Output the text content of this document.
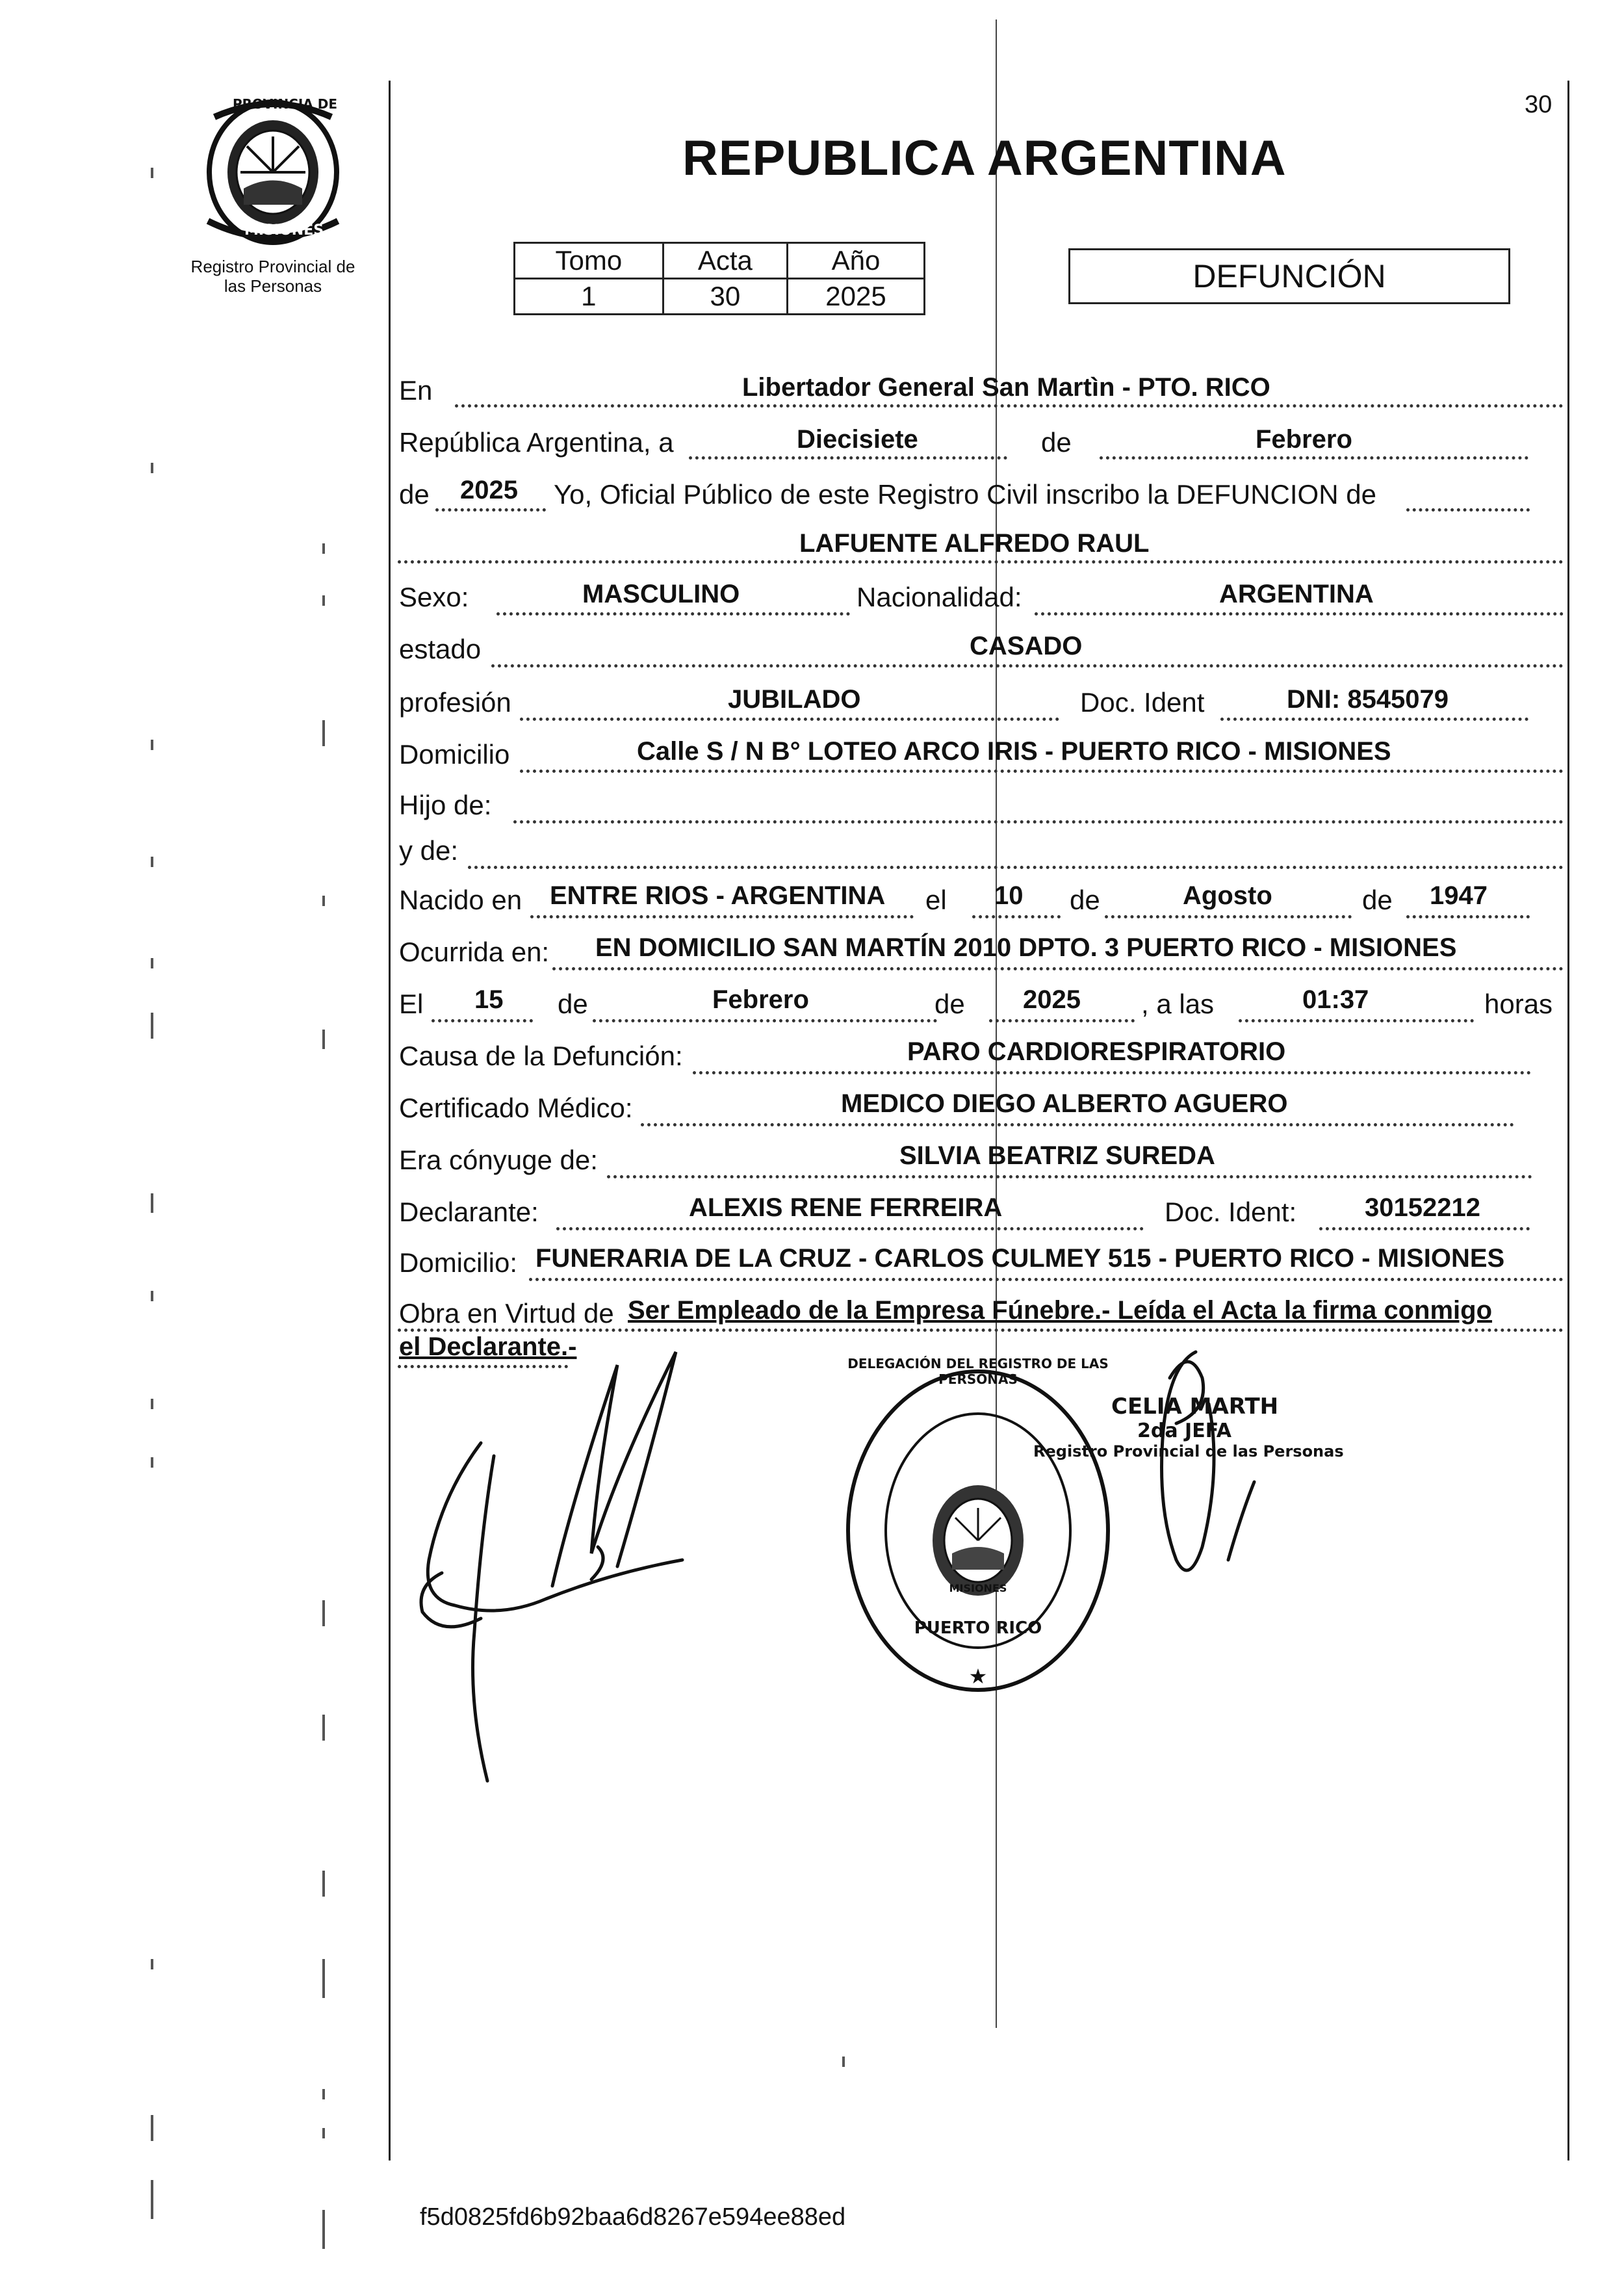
PROVINCIA DE
MISIONES
Registro Provincial de
las Personas
30
REPUBLICA ARGENTINA
Tomo	Acta	Año
1	30	2025
DEFUNCIÓN
En	Libertador General San Martìn - PTO. RICO
República Argentina, a	Diecisiete	de	Febrero
de 2025 Yo, Oficial Público de este Registro Civil inscribo la DEFUNCION de
LAFUENTE ALFREDO RAUL
Sexo:	MASCULINO	Nacionalidad:	ARGENTINA
estado	CASADO
profesión	JUBILADO	Doc. Ident	DNI: 8545079
Domicilio	Calle S / N B° LOTEO ARCO IRIS - PUERTO RICO - MISIONES
Hijo de:
y de:
Nacido en ENTRE RIOS - ARGENTINA el 10 de	Agosto	de 1947
Ocurrida en: EN DOMICILIO SAN MARTÍN 2010 DPTO. 3 PUERTO RICO - MISIONES
El 15 de	Febrero	de 2025 , a las	01:37	horas
Causa de la Defunción:	PARO CARDIORESPIRATORIO
Certificado Médico:	MEDICO DIEGO ALBERTO AGUERO
Era cónyuge de:	SILVIA BEATRIZ SUREDA
Declarante:	ALEXIS RENE FERREIRA	Doc. Ident:	30152212
Domicilio: FUNERARIA DE LA CRUZ - CARLOS CULMEY 515 - PUERTO RICO - MISIONES
Obra en Virtud de Ser Empleado de la Empresa Fúnebre.- Leída el Acta la firma conmigo
el Declarante.-
★
DELEGACIÓN DEL REGISTRO DE LAS PERSONAS
PUERTO RICO
MISIONES
CELIA MARTH
2da JEFA
Registro Provincial de las Personas
f5d0825fd6b92baa6d8267e594ee88ed
